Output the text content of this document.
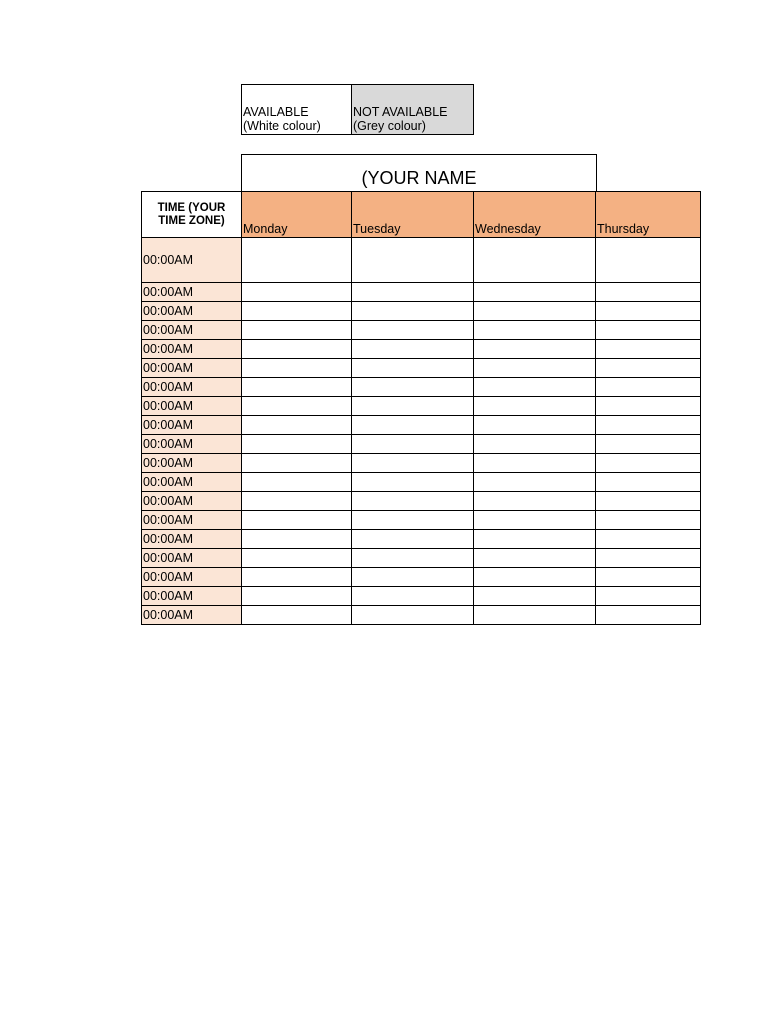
AVAILABLE
(White colour)
NOT AVAILABLE
(Grey colour)
(YOUR NAME
TIME (YOUR TIME ZONE)	Monday	Tuesday	Wednesday	Thursday
00:00AM				
00:00AM				
00:00AM				
00:00AM				
00:00AM				
00:00AM				
00:00AM				
00:00AM				
00:00AM				
00:00AM				
00:00AM				
00:00AM				
00:00AM				
00:00AM				
00:00AM				
00:00AM				
00:00AM				
00:00AM				
00:00AM				
